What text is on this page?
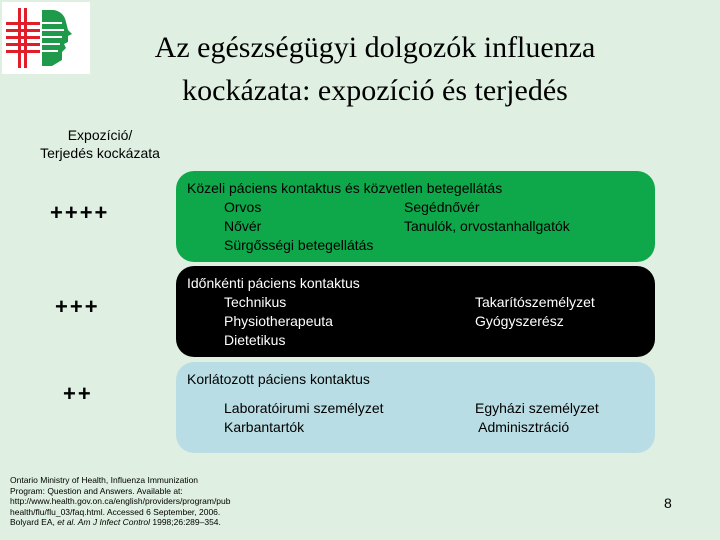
Az egészségügyi dolgozók influenza
kockázata: expozíció és terjedés
Expozíció/
Terjedés kockázata
++++
+++
++
Közeli páciens kontaktus és közvetlen betegellátás
Orvos
Nővér
Sürgősségi betegellátás
Segédnővér
Tanulók, orvostanhallgatók
Időnkénti páciens kontaktus
Technikus
Physiotherapeuta
Dietetikus
Takarítószemélyzet
Gyógyszerész
Korlátozott páciens kontaktus
Laboratóirumi személyzet
Karbantartók
Egyházi személyzet
Adminisztráció
Ontario Ministry of Health, Influenza Immunization
Program: Question and Answers. Available at:
http://www.health.gov.on.ca/english/providers/program/pub
health/flu/flu_03/faq.html. Accessed 6 September, 2006.
Bolyard EA, et al. Am J Infect Control 1998;26:289–354.
8
